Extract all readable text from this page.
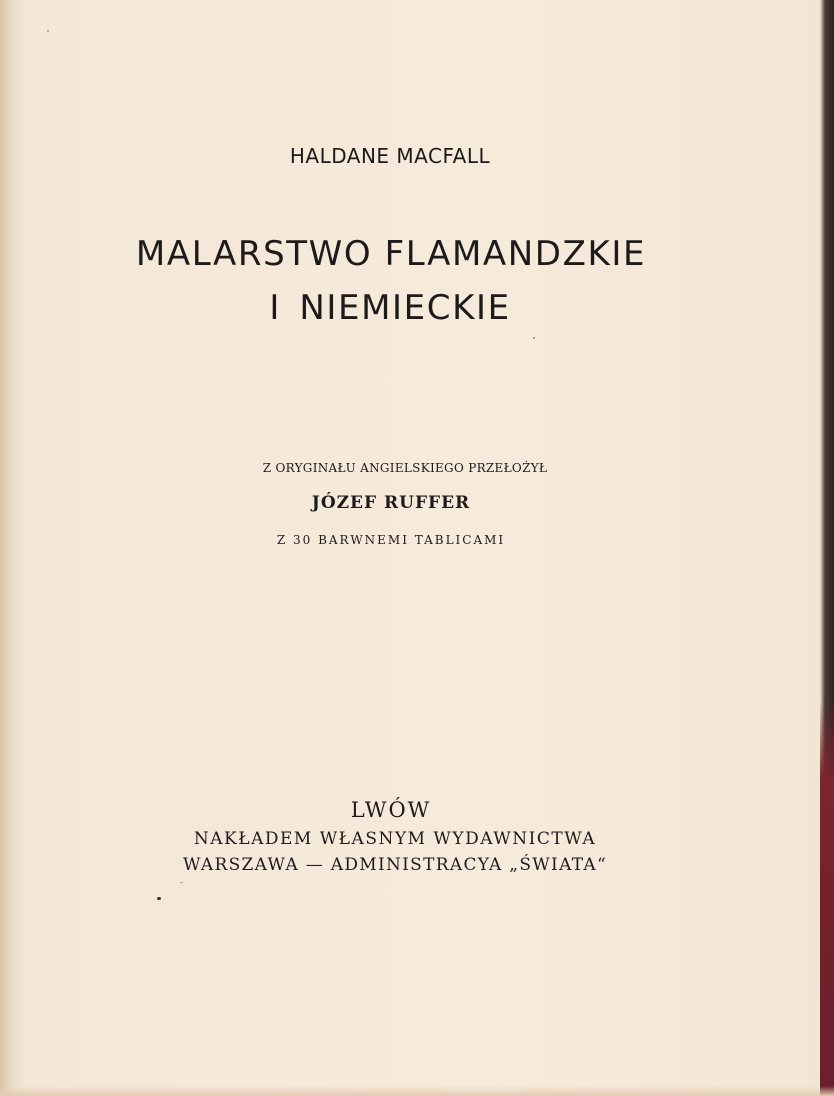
HALDANE MACFALL
MALARSTWO FLAMANDZKIE
I NIEMIECKIE
Z ORYGINAŁU ANGIELSKIEGO PRZEŁOŻYŁ
JÓZEF RUFFER
Z 30 BARWNEMI TABLICAMI
LWÓW
NAKŁADEM WŁASNYM WYDAWNICTWA
WARSZAWA — ADMINISTRACYA „ŚWIATA“
